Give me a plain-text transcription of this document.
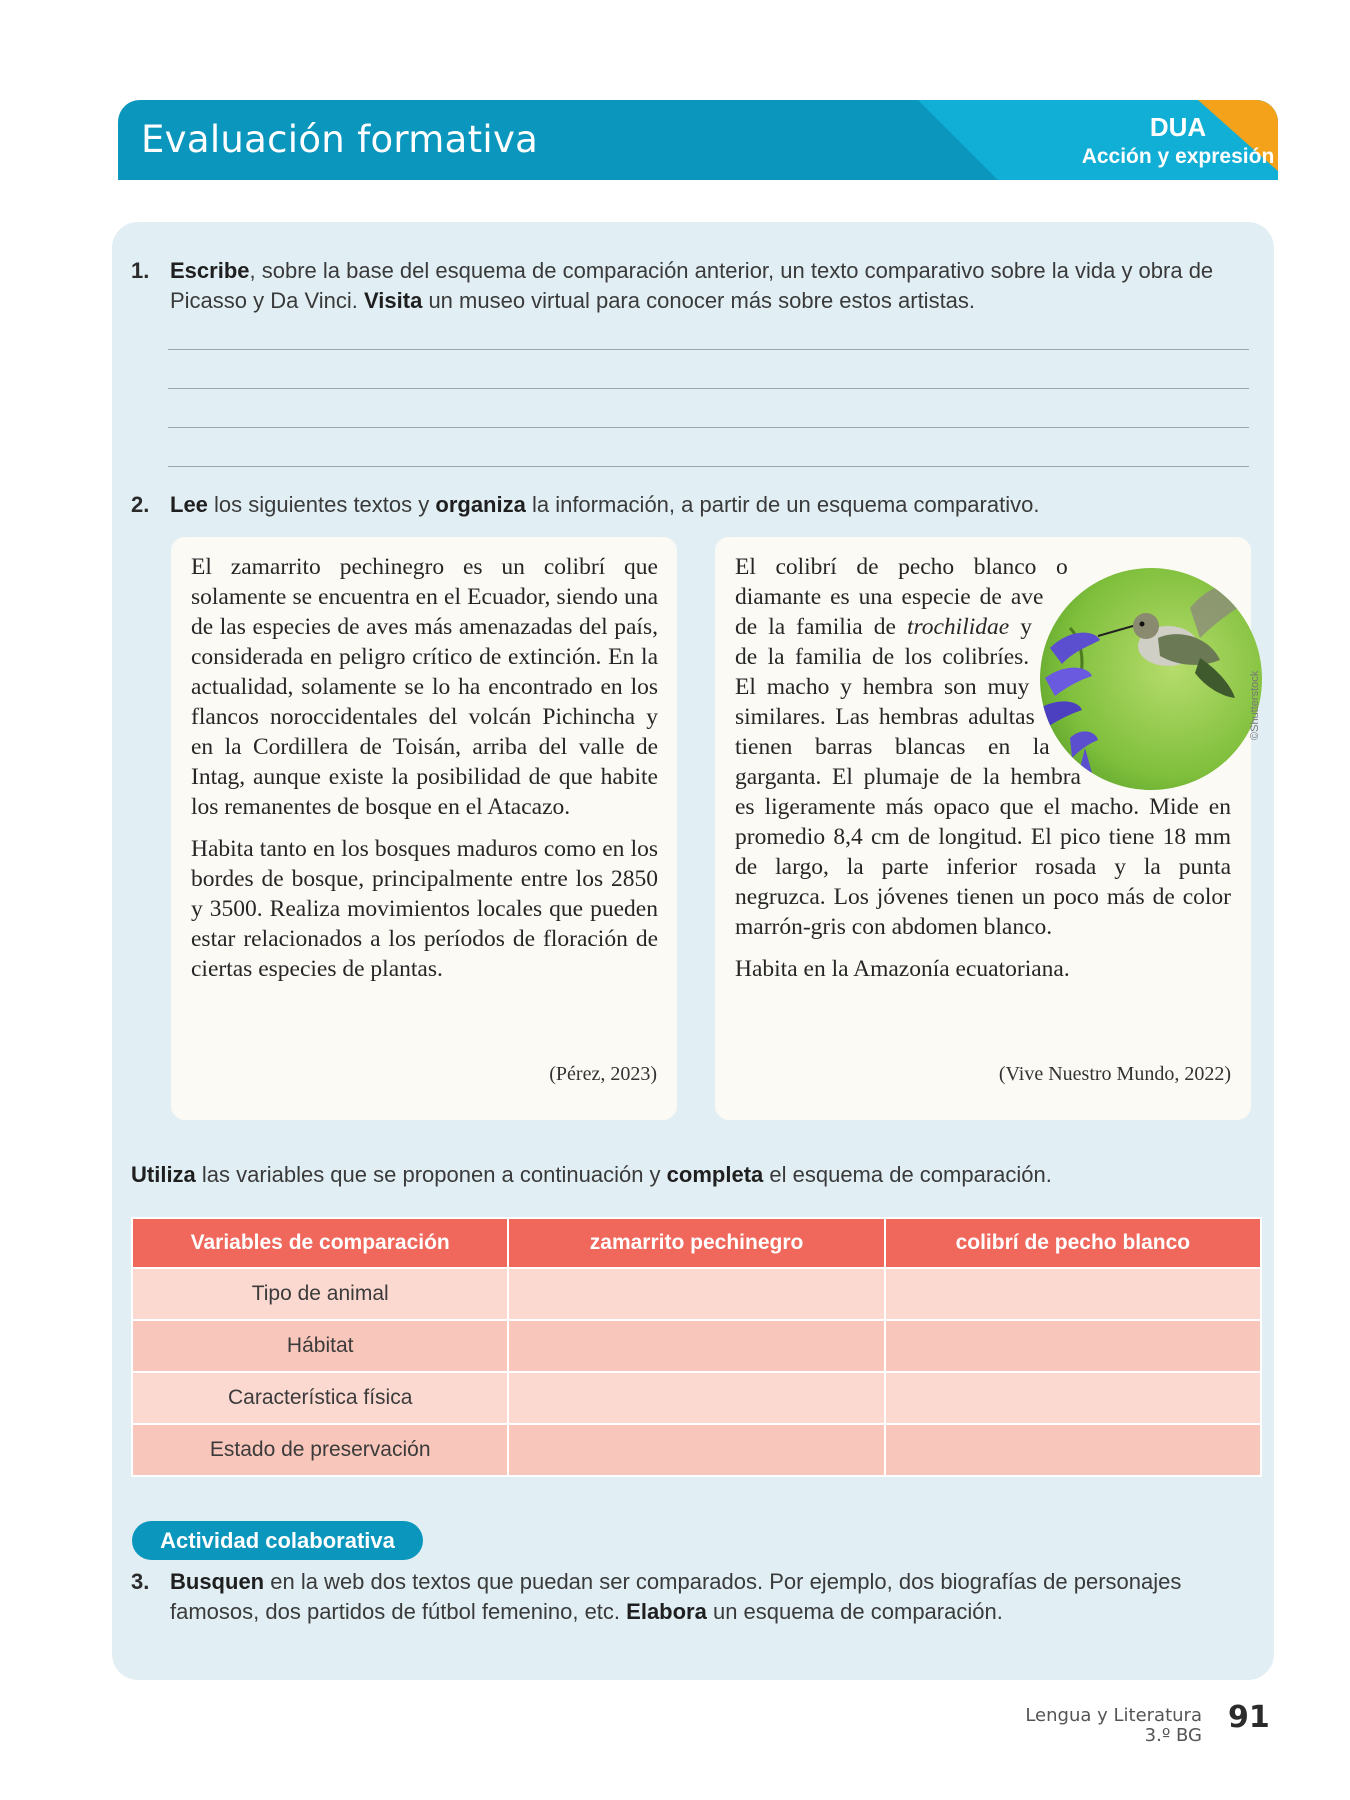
Evaluación formativa	DUA
Acción y expresión
1. Escribe, sobre la base del esquema de comparación anterior, un texto comparativo sobre la vida y obra de Picasso y Da Vinci. Visita un museo virtual para conocer más sobre estos artistas.
2. Lee los siguientes textos y organiza la información, a partir de un esquema comparativo.

El zamarrito pechinegro es un colibrí que solamente se encuentra en el Ecuador, siendo una de las especies de aves más amenazadas del país, considerada en peligro crítico de extinción. En la actualidad, solamente se lo ha encontrado en los flancos noroccidentales del volcán Pichincha y en la Cordillera de Toisán, arriba del valle de Intag, aunque existe la posibilidad de que habite los remanentes de bosque en el Atacazo.

Habita tanto en los bosques maduros como en los bordes de bosque, principalmente entre los 2850 y 3500. Realiza movimientos locales que pueden estar relacionados a los períodos de floración de ciertas especies de plantas.

(Pérez, 2023)

El colibrí de pecho blanco o diamante es una especie de ave de la familia de trochilidae y de la familia de los colibríes. El macho y hembra son muy similares. Las hembras adultas tienen barras blancas en la garganta. El plumaje de la hembra es ligeramente más opaco que el macho. Mide en promedio 8,4 cm de longitud. El pico tiene 18 mm de largo, la parte inferior rosada y la punta negruzca. Los jóvenes tienen un poco más de color marrón-gris con abdomen blanco.

Habita en la Amazonía ecuatoriana.

(Vive Nuestro Mundo, 2022)
©Shutterstock
Utiliza las variables que se proponen a continuación y completa el esquema de comparación.
Variables de comparación	zamarrito pechinegro	colibrí de pecho blanco
Tipo de animal		
Hábitat		
Característica física		
Estado de preservación		
Actividad colaborativa
3. Busquen en la web dos textos que puedan ser comparados. Por ejemplo, dos biografías de personajes famosos, dos partidos de fútbol femenino, etc. Elabora un esquema de comparación.
Lengua y Literatura
3.º BG
91
